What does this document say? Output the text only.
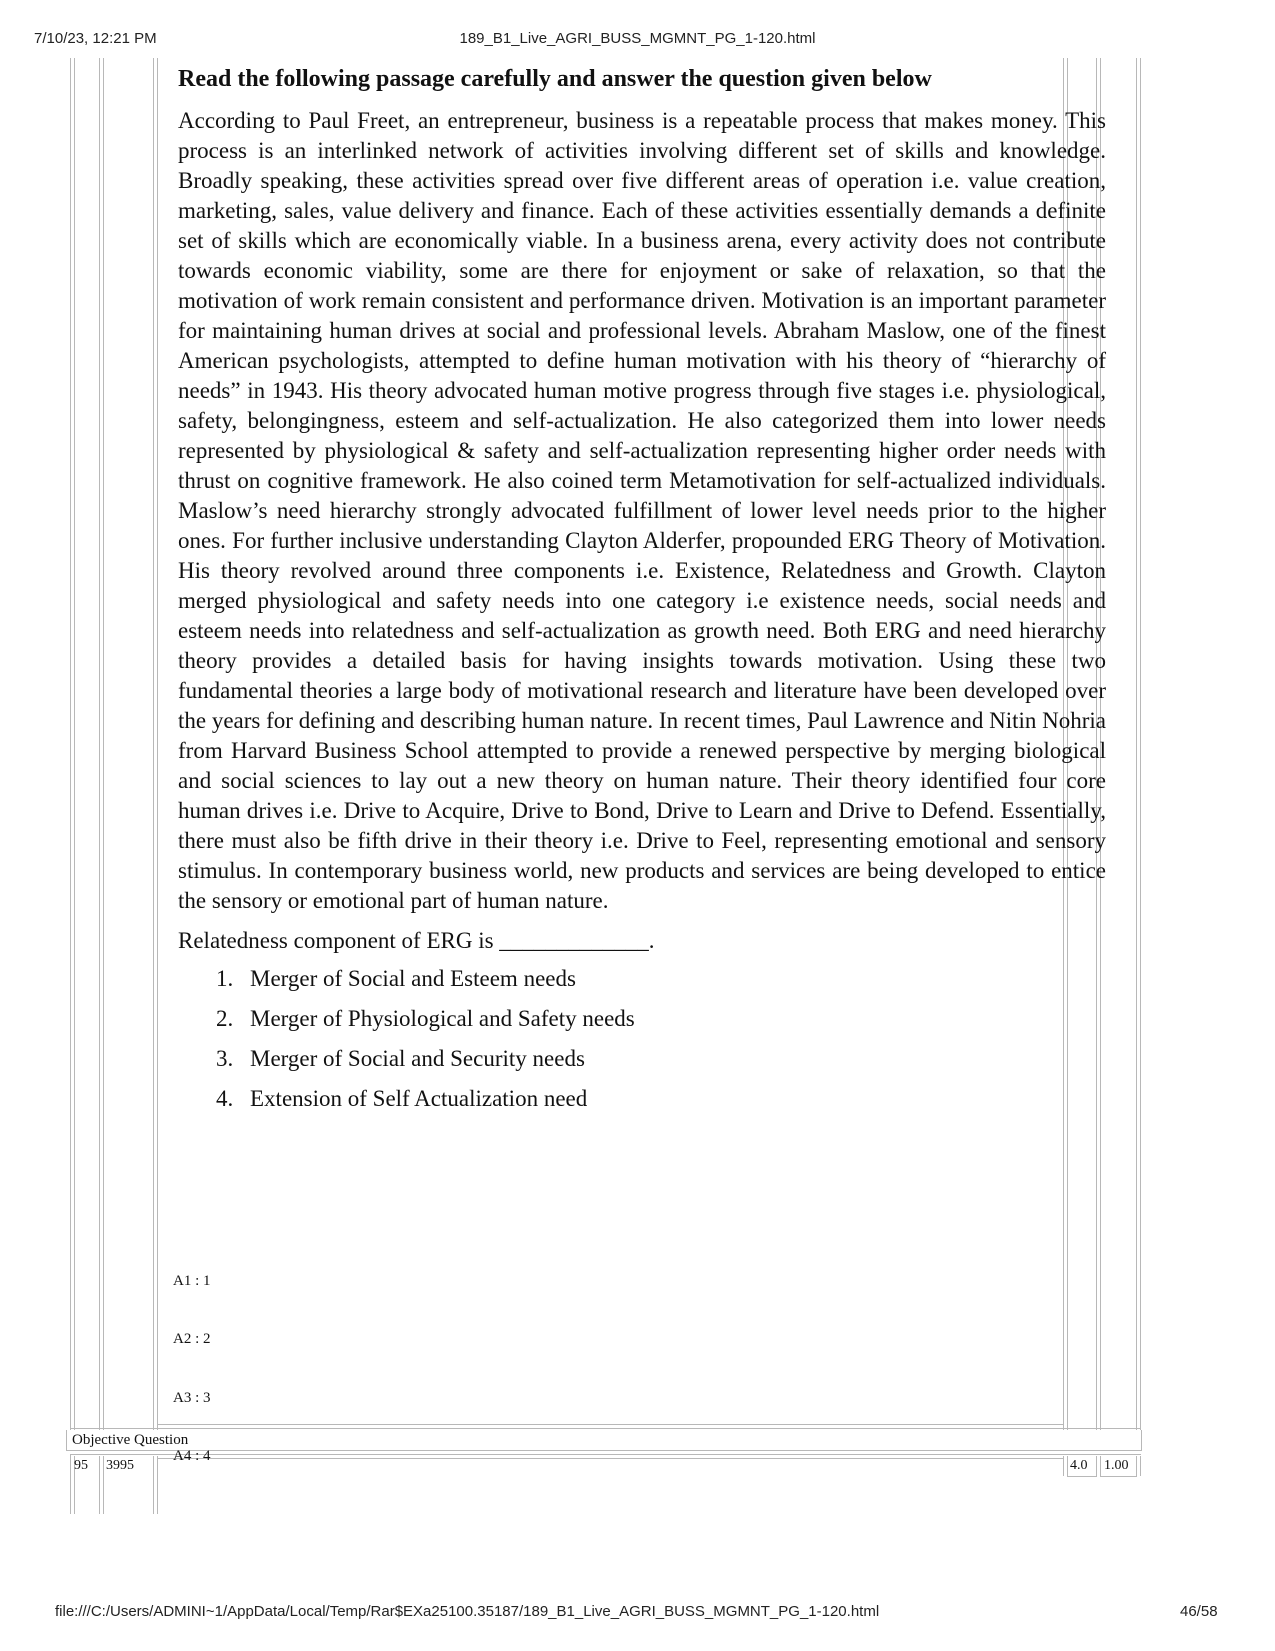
7/10/23, 12:21 PM	189_B1_Live_AGRI_BUSS_MGMNT_PG_1-120.html

Read the following passage carefully and answer the question given below

According to Paul Freet, an entrepreneur, business is a repeatable process that makes money. This process is an interlinked network of activities involving different set of skills and knowledge. Broadly speaking, these activities spread over five different areas of operation i.e. value creation, marketing, sales, value delivery and finance. Each of these activities essentially demands a definite set of skills which are economically viable. In a business arena, every activity does not contribute towards economic viability, some are there for enjoyment or sake of relaxation, so that the motivation of work remain consistent and performance driven. Motivation is an important parameter for maintaining human drives at social and professional levels. Abraham Maslow, one of the finest American psychologists, attempted to define human motivation with his theory of “hierarchy of needs” in 1943. His theory advocated human motive progress through five stages i.e. physiological, safety, belongingness, esteem and self-actualization. He also categorized them into lower needs represented by physiological & safety and self-actualization representing higher order needs with thrust on cognitive framework. He also coined term Metamotivation for self-actualized individuals. Maslow’s need hierarchy strongly advocated fulfillment of lower level needs prior to the higher ones. For further inclusive understanding Clayton Alderfer, propounded ERG Theory of Motivation. His theory revolved around three components i.e. Existence, Relatedness and Growth. Clayton merged physiological and safety needs into one category i.e existence needs, social needs and esteem needs into relatedness and self-actualization as growth need. Both ERG and need hierarchy theory provides a detailed basis for having insights towards motivation. Using these two fundamental theories a large body of motivational research and literature have been developed over the years for defining and describing human nature. In recent times, Paul Lawrence and Nitin Nohria from Harvard Business School attempted to provide a renewed perspective by merging biological and social sciences to lay out a new theory on human nature. Their theory identified four core human drives i.e. Drive to Acquire, Drive to Bond, Drive to Learn and Drive to Defend. Essentially, there must also be fifth drive in their theory i.e. Drive to Feel, representing emotional and sensory stimulus. In contemporary business world, new products and services are being developed to entice the sensory or emotional part of human nature.

Relatedness component of ERG is _____________.

1. Merger of Social and Esteem needs
2. Merger of Physiological and Safety needs
3. Merger of Social and Security needs
4. Extension of Self Actualization need
A1 : 1
A2 : 2
A3 : 3
A4 : 4
Objective Question
95 3995	4.0 1.00
file:///C:/Users/ADMINI~1/AppData/Local/Temp/Rar$EXa25100.35187/189_B1_Live_AGRI_BUSS_MGMNT_PG_1-120.html	46/58
